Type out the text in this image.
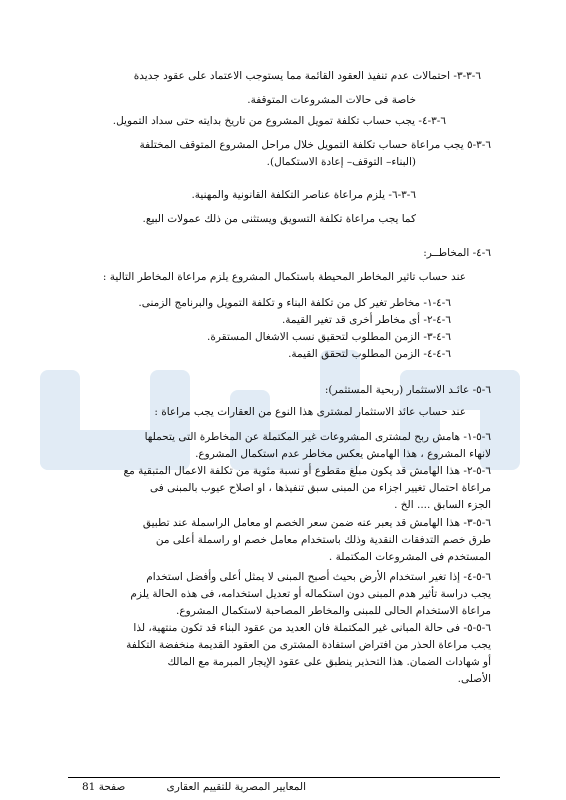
٦-٣-٣- احتمالات عدم تنفيذ العقود القائمة مما يستوجب الاعتماد على عقود جديدة
خاصة فى حالات المشروعات المتوقفة.
٦-٣-٤- يجب حساب تكلفة تمويل المشروع من تاريخ بدايته حتى سداد التمويل.
٦-٣-٥ يجب مراعاة حساب تكلفة التمويل خلال مراحل المشروع المتوقف المختلفة
(البناء– التوقف– إعادة الاستكمال).
٦-٣-٦- يلزم مراعاة عناصر التكلفة القانونية والمهنية.
كما يجب مراعاة تكلفة التسويق ويستثنى من ذلك عمولات البيع.
٦-٤- المخاطــر:
عند حساب تاثير المخاطر المحيطة باستكمال المشروع يلزم مراعاة المخاطر التالية :
٦-٤-١- مخاطر تغير كل من تكلفة البناء و تكلفة التمويل والبرنامج الزمنى.
٦-٤-٢- أى مخاطر أخرى قد تغير القيمة.
٦-٤-٣- الزمن المطلوب لتحقيق نسب الاشغال المستقرة.
٦-٤-٤- الزمن المطلوب لتحقق القيمة.
٦-٥- عائـد الاستثمار (ربحية المستثمر):
عند حساب عائد الاستثمار لمشترى هذا النوع من العقارات يجب مراعاة :
٦-٥-١- هامش ربح لمشترى المشروعات غير المكتملة عن المخاطرة التى يتحملها
لانهاء المشروع ، هذا الهامش يعكس مخاطر عدم استكمال المشروع.
٦-٥-٢- هذا الهامش قد يكون مبلغ مقطوع أو نسبة مئوية من تكلفة الاعمال المتبقية مع
مراعاة احتمال تغيير اجزاء من المبنى سبق تنفيذها ، او اصلاح عيوب بالمبنى فى
الجزء السابق .... الخ .
٦-٥-٣- هذا الهامش قد يعبر عنه ضمن سعر الخصم او معامل الراسملة عند تطبيق
طرق خصم التدفقات النقدية وذلك باستخدام معامل خصم او راسملة أعلى من
المستخدم فى المشروعات المكتملة .
٦-٥-٤- إذا تغير استخدام الأرض بحيث أصبح المبنى لا يمثل أعلى وأفضل استخدام
يجب دراسة تأثير هدم المبنى دون استكماله أو تعديل استخدامه، فى هذه الحالة يلزم
مراعاة الاستخدام الحالى للمبنى والمخاطر المصاحبة لاستكمال المشروع.
٦-٥-٥- فى حالة المبانى غير المكتملة فان العديد من عقود البناء قد تكون منتهية، لذا
يجب مراعاة الحذر من افتراض استفادة المشترى من العقود القديمة منخفضة التكلفة
أو شهادات الضمان. هذا التحذير ينطبق على عقود الإيجار المبرمة مع المالك
الأصلى.
المعايير المصرية للتقييم العقارى
صفحة 81
